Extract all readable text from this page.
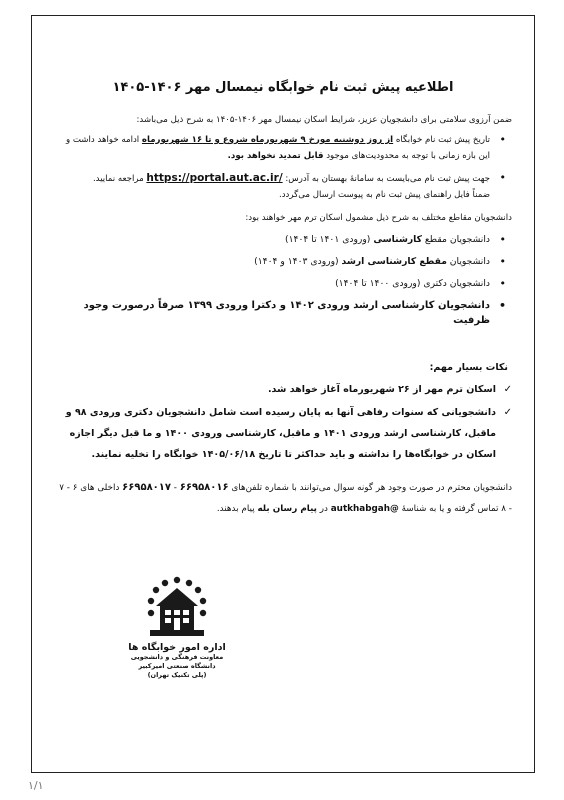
اطلاعیه پیش ثبت نام خوابگاه نیمسال مهر ۱۴۰۶-۱۴۰۵

ضمن آرزوی سلامتی برای دانشجویان عزیز، شرایط اسکان نیمسال مهر ۱۴۰۶-۱۴۰۵ به شرح ذیل می‌باشد:

• تاریخ پیش ثبت نام خوابگاه از روز دوشنبه مورخ ۹ شهریورماه شروع و تا ۱۶ شهریورماه ادامه خواهد داشت و این بازه زمانی با توجه به محدودیت‌های موجود قابل تمدید نخواهد بود.
• جهت پیش ثبت نام می‌بایست به سامانهٔ بهستان به آدرس: https://portal.aut.ac.ir/ مراجعه نمایید.
ضمناً فایل راهنمای پیش ثبت نام به پیوست ارسال می‌گردد.

دانشجویان مقاطع مختلف به شرح ذیل مشمول اسکان ترم مهر خواهند بود:

• دانشجویان مقطع کارشناسی (ورودی ۱۴۰۱ تا ۱۴۰۴)
• دانشجویان مقطع کارشناسی ارشد (ورودی ۱۴۰۳ و ۱۴۰۴)
• دانشجویان دکتری (ورودی ۱۴۰۰ تا ۱۴۰۴)
• دانشجویان کارشناسی ارشد ورودی ۱۴۰۲ و دکترا ورودی ۱۳۹۹ صرفاً درصورت وجود ظرفیت
نکات بسیار مهم:
✓
اسکان ترم مهر از ۲۶ شهریورماه آغاز خواهد شد.
✓
دانشجویانی که سنوات رفاهی آنها به پایان رسیده است شامل دانشجویان دکتری ورودی ۹۸ و ماقبل، کارشناسی ارشد ورودی ۱۴۰۱ و ماقبل، کارشناسی ورودی ۱۴۰۰ و ما قبل دیگر اجازه اسکان در خوابگاه‌ها را نداشته و باید حداکثر تا تاریخ ۱۴۰۵/۰۶/۱۸ خوابگاه را تخلیه نمایند.
دانشجویان محترم در صورت وجود هر گونه سوال می‌توانند با شماره تلفن‌های ۶۶۹۵۸۰۱۶ - ۶۶۹۵۸۰۱۷ داخلی های ۶ - ۷ - ۸ تماس گرفته و یا به شناسهٔ @autkhabgah در پیام رسان بله پیام بدهند.
اداره امور خوابگاه ها
معاونت فرهنگی و دانشجویی
دانشگاه صنعتی امیرکبیر
(پلی تکنیک تهران)
۱/۱
